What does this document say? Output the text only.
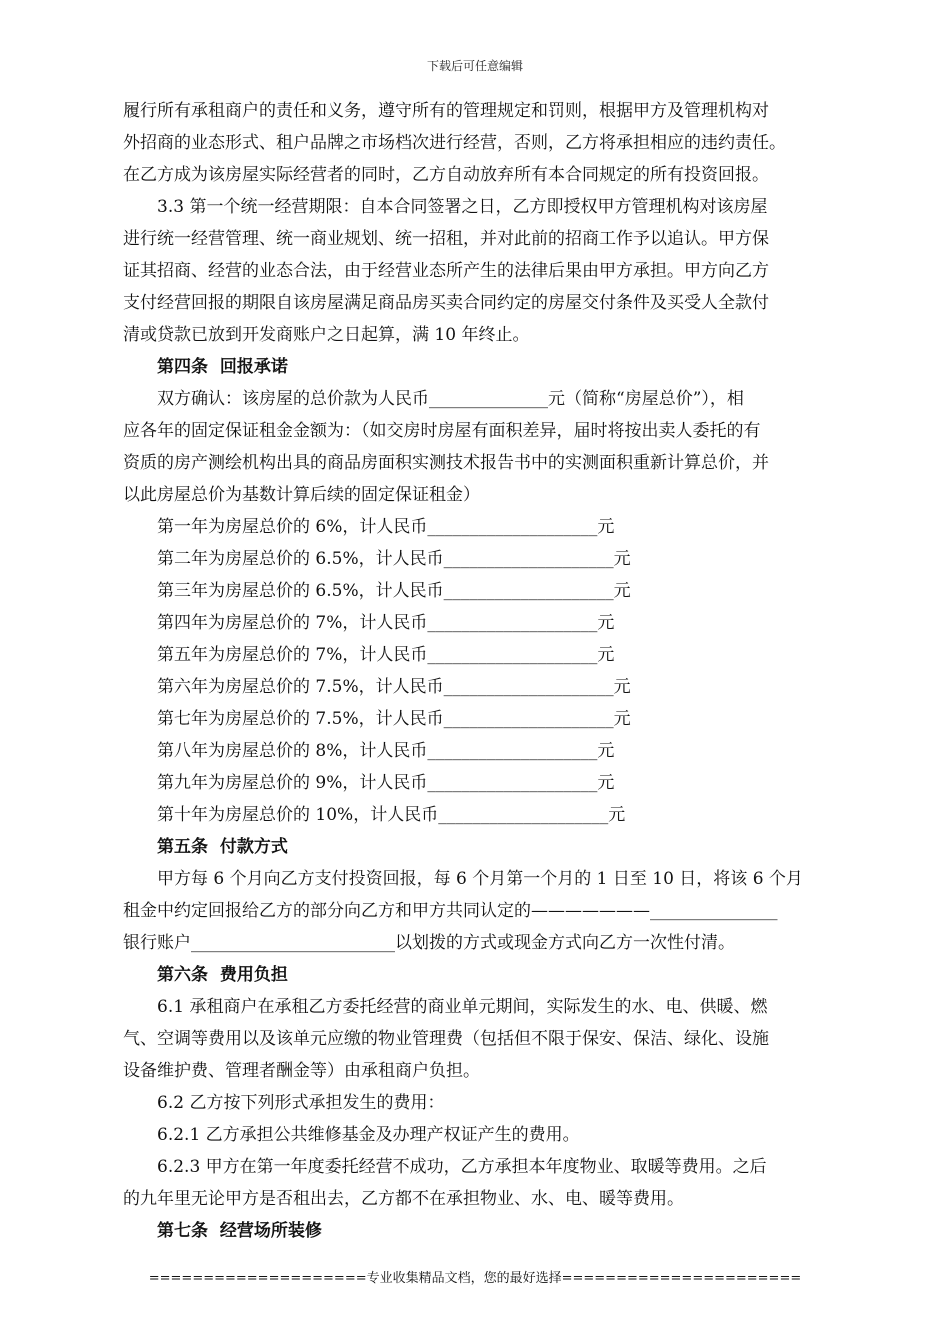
下载后可任意编辑

履行所有承租商户的责任和义务，遵守所有的管理规定和罚则，根据甲方及管理机构对

外招商的业态形式、租户品牌之市场档次进行经营，否则，乙方将承担相应的违约责任。

在乙方成为该房屋实际经营者的同时，乙方自动放弃所有本合同规定的所有投资回报。

3.3 第一个统一经营期限：自本合同签署之日，乙方即授权甲方管理机构对该房屋

进行统一经营管理、统一商业规划、统一招租，并对此前的招商工作予以追认。甲方保

证其招商、经营的业态合法，由于经营业态所产生的法律后果由甲方承担。甲方向乙方

支付经营回报的期限自该房屋满足商品房买卖合同约定的房屋交付条件及买受人全款付

清或贷款已放到开发商账户之日起算，满 10 年终止。

第四条  回报承诺

双方确认：该房屋的总价款为人民币______________元（简称“房屋总价”），相

应各年的固定保证租金金额为：（如交房时房屋有面积差异，届时将按出卖人委托的有

资质的房产测绘机构出具的商品房面积实测技术报告书中的实测面积重新计算总价，并

以此房屋总价为基数计算后续的固定保证租金）

第一年为房屋总价的 6%，计人民币____________________元

第二年为房屋总价的 6.5%，计人民币____________________元

第三年为房屋总价的 6.5%，计人民币____________________元

第四年为房屋总价的 7%，计人民币____________________元

第五年为房屋总价的 7%，计人民币____________________元

第六年为房屋总价的 7.5%，计人民币____________________元

第七年为房屋总价的 7.5%，计人民币____________________元

第八年为房屋总价的 8%，计人民币____________________元

第九年为房屋总价的 9%，计人民币____________________元

第十年为房屋总价的 10%，计人民币____________________元

第五条  付款方式

甲方每 6 个月向乙方支付投资回报，每 6 个月第一个月的 1 日至 10 日，将该 6 个月

租金中约定回报给乙方的部分向乙方和甲方共同认定的———————_______________

银行账户________________________以划拨的方式或现金方式向乙方一次性付清。

第六条  费用负担

6.1 承租商户在承租乙方委托经营的商业单元期间，实际发生的水、电、供暖、燃

气、空调等费用以及该单元应缴的物业管理费（包括但不限于保安、保洁、绿化、设施

设备维护费、管理者酬金等）由承租商户负担。

6.2 乙方按下列形式承担发生的费用：

6.2.1 乙方承担公共维修基金及办理产权证产生的费用。

6.2.3 甲方在第一年度委托经营不成功，乙方承担本年度物业、取暖等费用。之后

的九年里无论甲方是否租出去，乙方都不在承担物业、水、电、暖等费用。

第七条  经营场所装修

====================专业收集精品文档，您的最好选择======================
